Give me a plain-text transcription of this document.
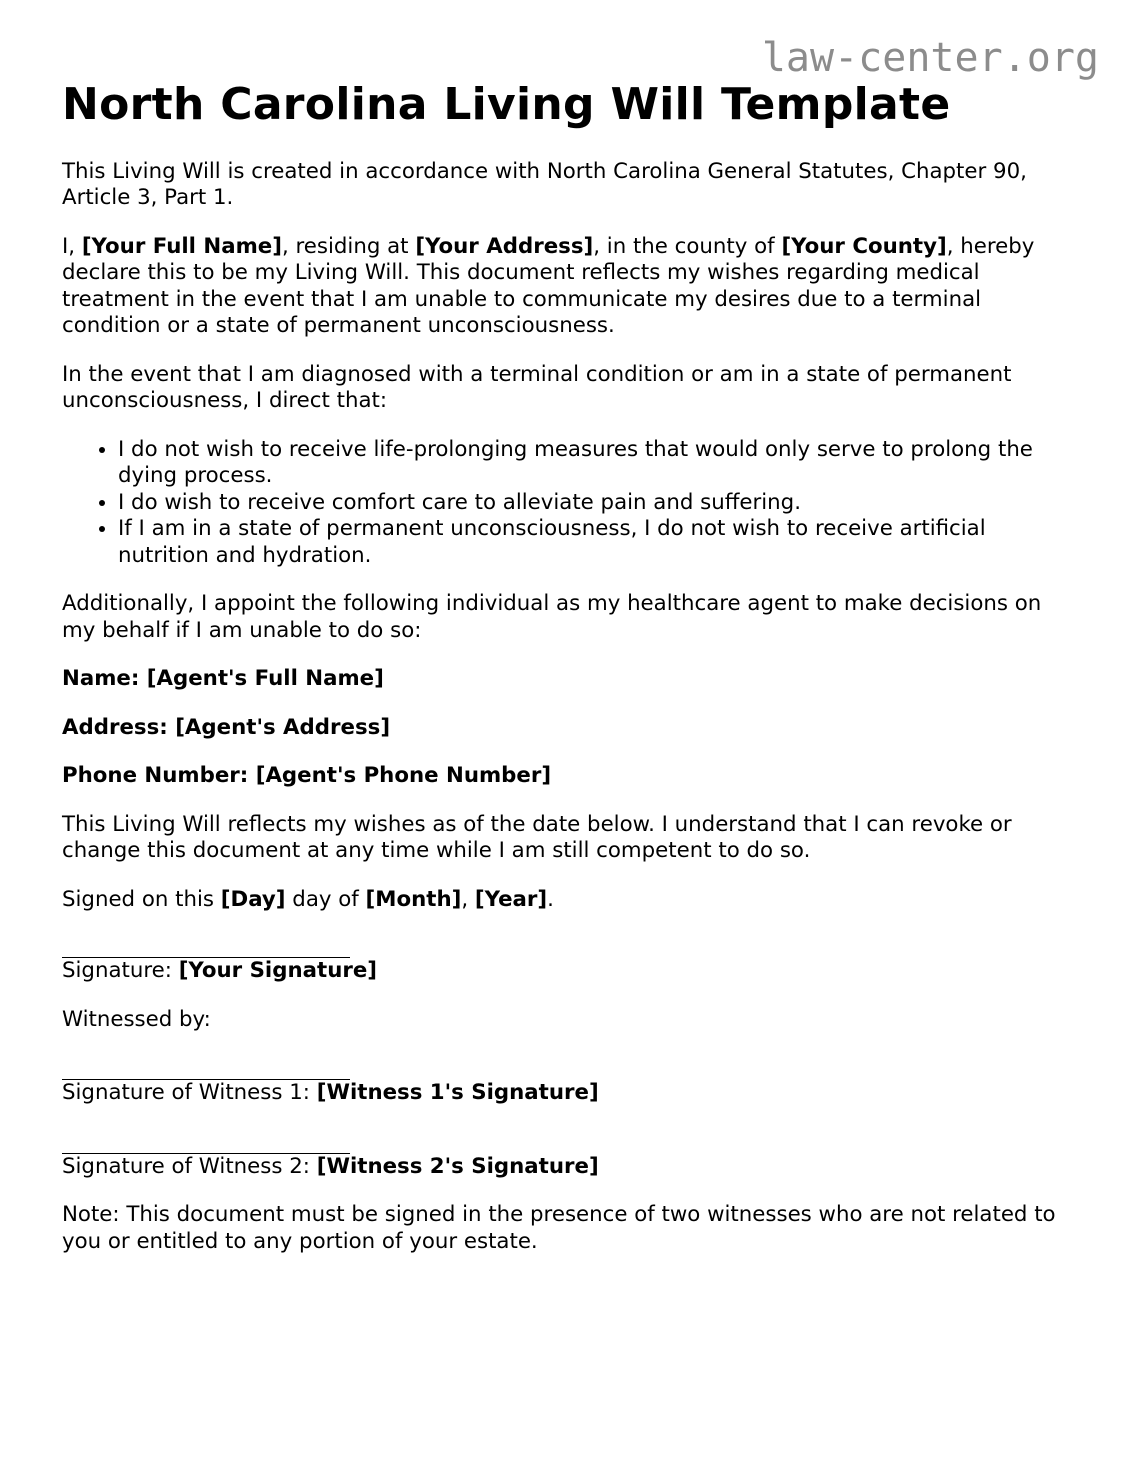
law-center.org
North Carolina Living Will Template

This Living Will is created in accordance with North Carolina General Statutes, Chapter 90, Article 3, Part 1.

I, [Your Full Name], residing at [Your Address], in the county of [Your County], hereby declare this to be my Living Will. This document reflects my wishes regarding medical treatment in the event that I am unable to communicate my desires due to a terminal condition or a state of permanent unconsciousness.

In the event that I am diagnosed with a terminal condition or am in a state of permanent unconsciousness, I direct that:

• I do not wish to receive life-prolonging measures that would only serve to prolong the dying process.
• I do wish to receive comfort care to alleviate pain and suffering.
• If I am in a state of permanent unconsciousness, I do not wish to receive artificial nutrition and hydration.

Additionally, I appoint the following individual as my healthcare agent to make decisions on my behalf if I am unable to do so:

Name: [Agent's Full Name]

Address: [Agent's Address]

Phone Number: [Agent's Phone Number]

This Living Will reflects my wishes as of the date below. I understand that I can revoke or change this document at any time while I am still competent to do so.

Signed on this [Day] day of [Month], [Year].

Signature: [Your Signature]

Witnessed by:

Signature of Witness 1: [Witness 1's Signature]
Signature of Witness 2: [Witness 2's Signature]

Note: This document must be signed in the presence of two witnesses who are not related to you or entitled to any portion of your estate.
